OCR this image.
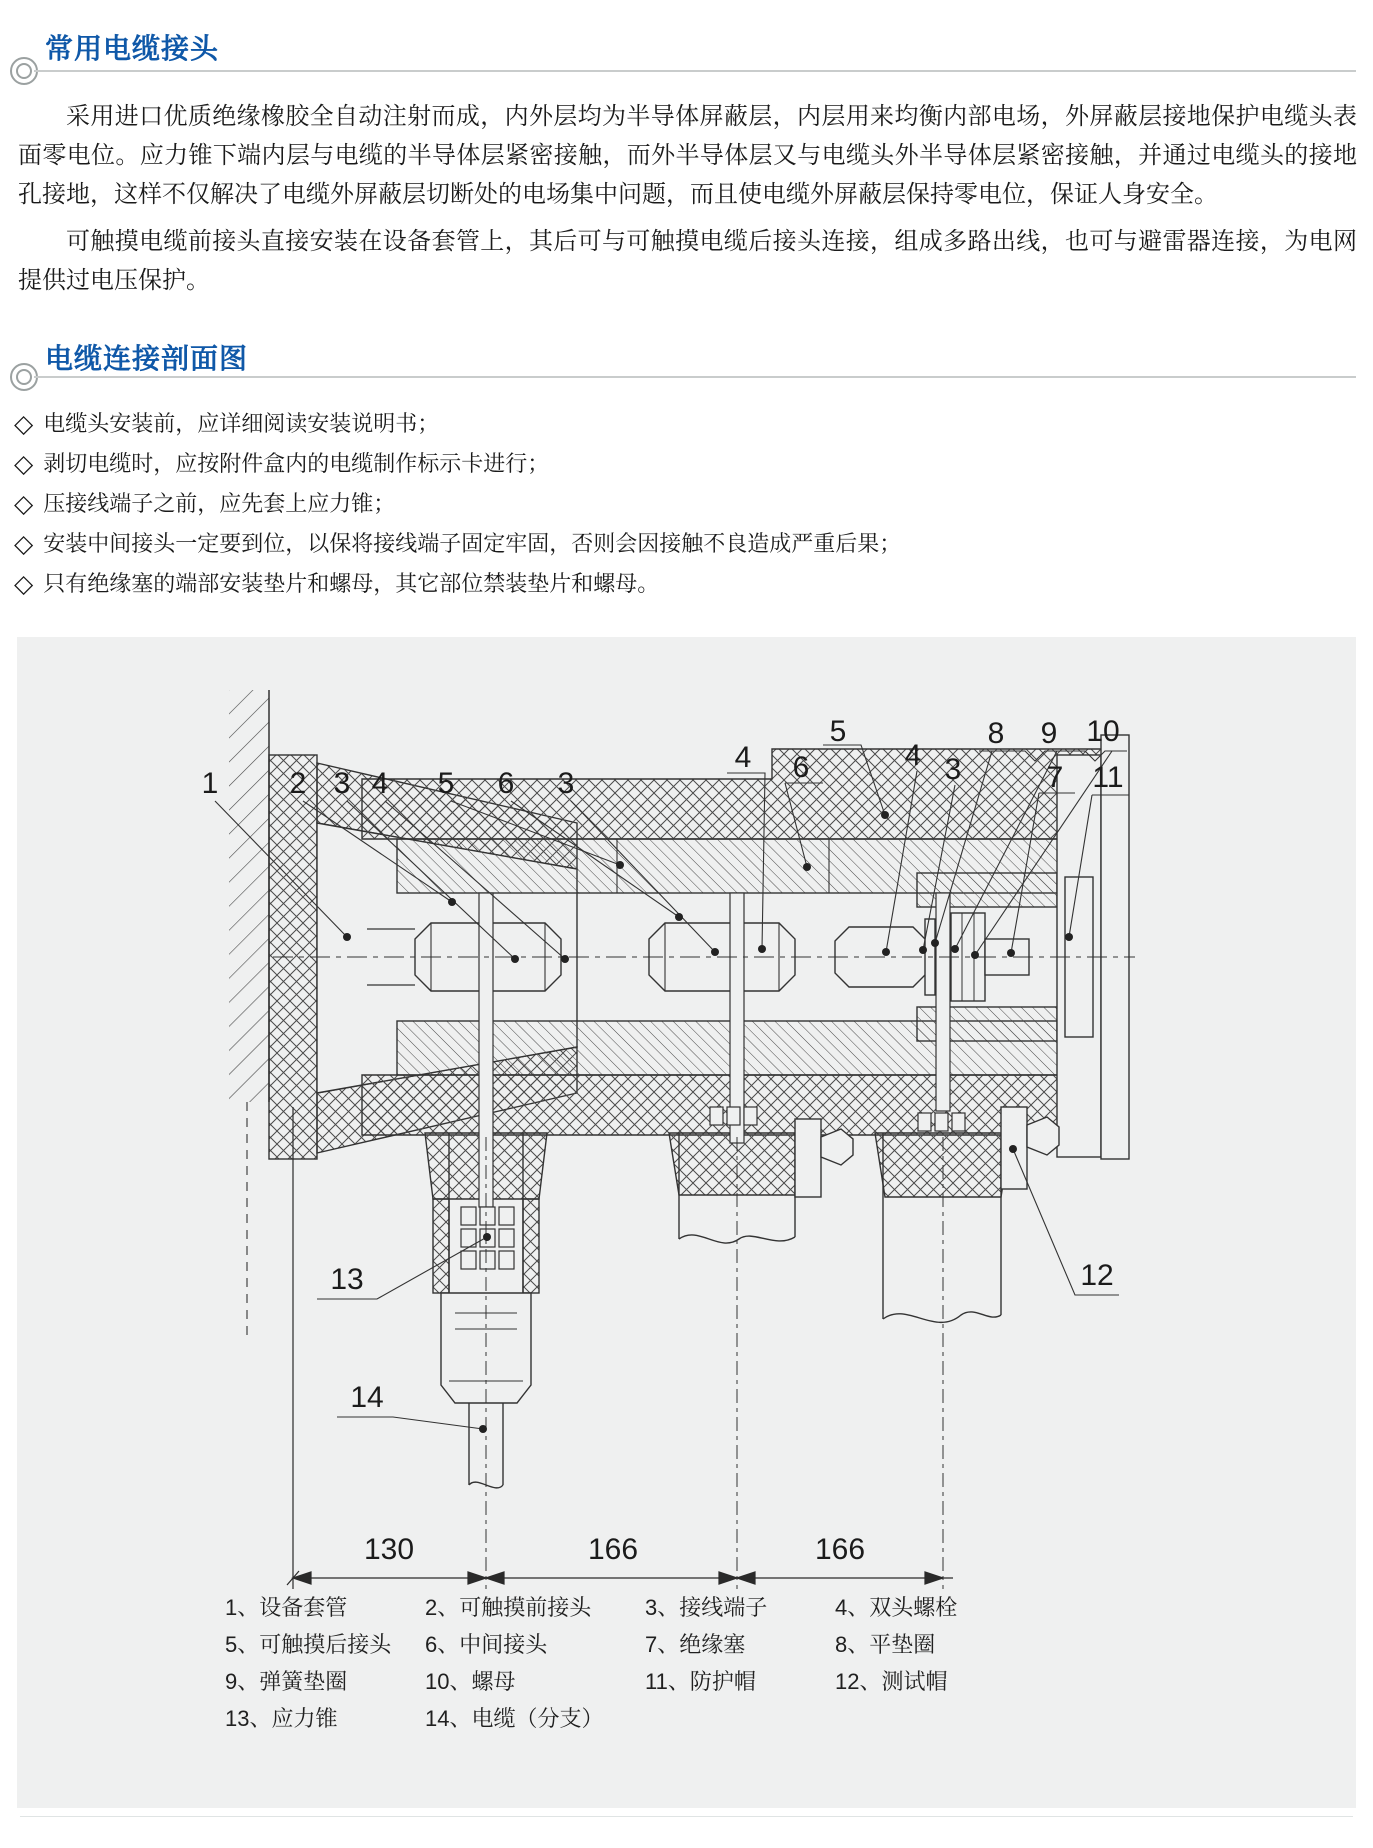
常用电缆接头

采用进口优质绝缘橡胶全自动注射而成，内外层均为半导体屏蔽层，内层用来均衡内部电场，外屏蔽层接地保护电缆头表面零电位。应力锥下端内层与电缆的半导体层紧密接触，而外半导体层又与电缆头外半导体层紧密接触，并通过电缆头的接地孔接地，这样不仅解决了电缆外屏蔽层切断处的电场集中问题，而且使电缆外屏蔽层保持零电位，保证人身安全。

可触摸电缆前接头直接安装在设备套管上，其后可与可触摸电缆后接头连接，组成多路出线，也可与避雷器连接，为电网提供过电压保护。

电缆连接剖面图
◇ 电缆头安装前，应详细阅读安装说明书；
◇ 剥切电缆时，应按附件盒内的电缆制作标示卡进行；
◇ 压接线端子之前，应先套上应力锥；
◇ 安装中间接头一定要到位，以保将接线端子固定牢固，否则会因接触不良造成严重后果；
◇ 只有绝缘塞的端部安装垫片和螺母，其它部位禁装垫片和螺母。
1 2 3 4 5 6 3
4 6
5
4 3
8 9 10
7 11
12
13
14
130	166	166
1、设备套管	2、可触摸前接头	3、接线端子	4、双头螺栓
5、可触摸后接头	6、中间接头	7、绝缘塞	8、平垫圈
9、弹簧垫圈	10、螺母	11、防护帽	12、测试帽
13、应力锥	14、电缆（分支）
